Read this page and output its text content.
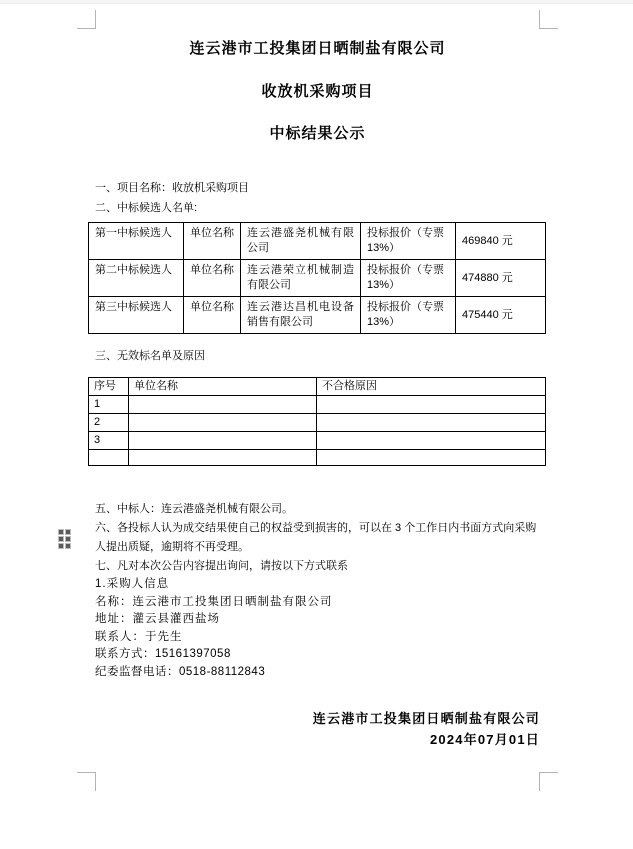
连云港市工投集团日晒制盐有限公司
收放机采购项目
中标结果公示

一、项目名称：收放机采购项目

二、中标候选人名单:

第一中标候选人	单位名称	连云港盛尧机械有限公司	投标报价（专票13%）	469840 元
第二中标候选人	单位名称	连云港荣立机械制造有限公司	投标报价（专票13%）	474880 元
第三中标候选人	单位名称	连云港达昌机电设备销售有限公司	投标报价（专票13%）	475440 元

三、无效标名单及原因

序号	单位名称	不合格原因
1		
2		
3		

五、中标人：连云港盛尧机械有限公司。

六、各投标人认为成交结果使自己的权益受到损害的，可以在 3 个工作日内书面方式向采购人提出质疑，逾期将不再受理。

七、凡对本次公告内容提出询问，请按以下方式联系

1.采购人信息

名称：连云港市工投集团日晒制盐有限公司

地址：灌云县灌西盐场

联系人：于先生

联系方式：15161397058

纪委监督电话：0518-88112843

连云港市工投集团日晒制盐有限公司

2024年07月01日
